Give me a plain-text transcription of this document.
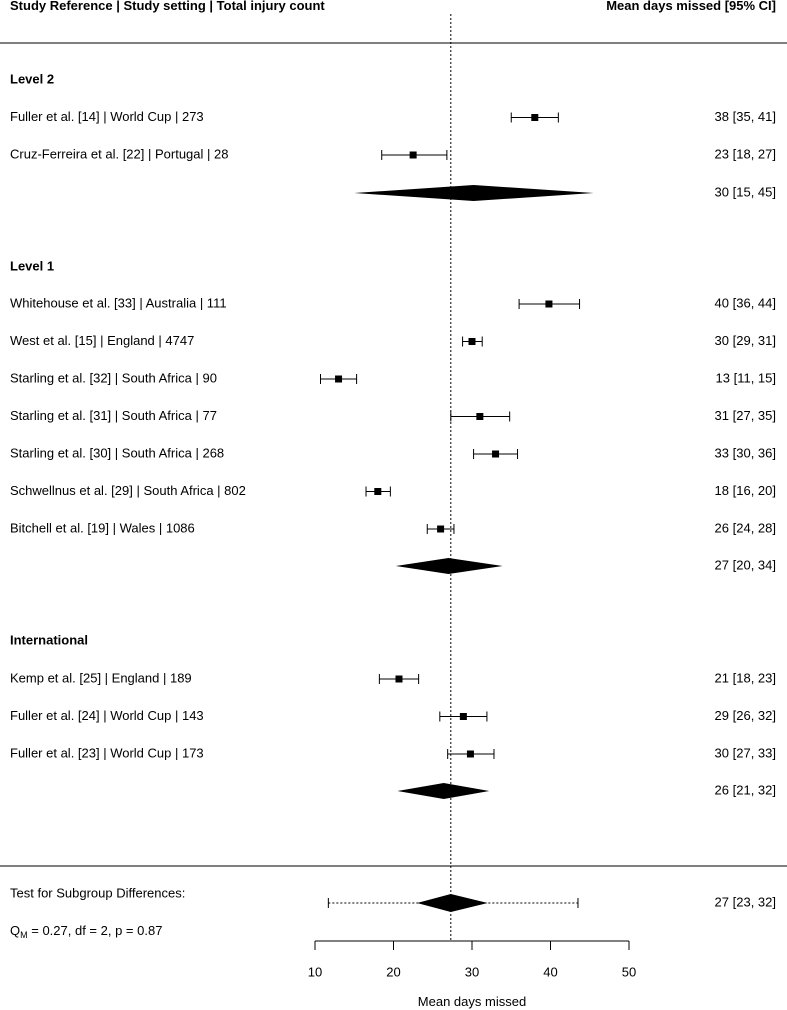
Study Reference | Study setting | Total injury count	Mean days missed [95% CI]
Level 2
Fuller et al. [14] | World Cup | 273	38 [35, 41]
Cruz-Ferreira et al. [22] | Portugal | 28	23 [18, 27]
30 [15, 45]
Level 1
Whitehouse et al. [33] | Australia | 111	40 [36, 44]
West et al. [15] | England | 4747	30 [29, 31]
Starling et al. [32] | South Africa | 90	13 [11, 15]
Starling et al. [31] | South Africa | 77	31 [27, 35]
Starling et al. [30] | South Africa | 268	33 [30, 36]
Schwellnus et al. [29] | South Africa | 802	18 [16, 20]
Bitchell et al. [19] | Wales | 1086	26 [24, 28]
27 [20, 34]
International
Kemp et al. [25] | England | 189	21 [18, 23]
Fuller et al. [24] | World Cup | 143	29 [26, 32]
Fuller et al. [23] | World Cup | 173	30 [27, 33]
26 [21, 32]
Test for Subgroup Differences:
$Q_M = 0.27$, df = 2, p = 0.87
27 [23, 32]
10	20	30	40	50
Mean days missed
